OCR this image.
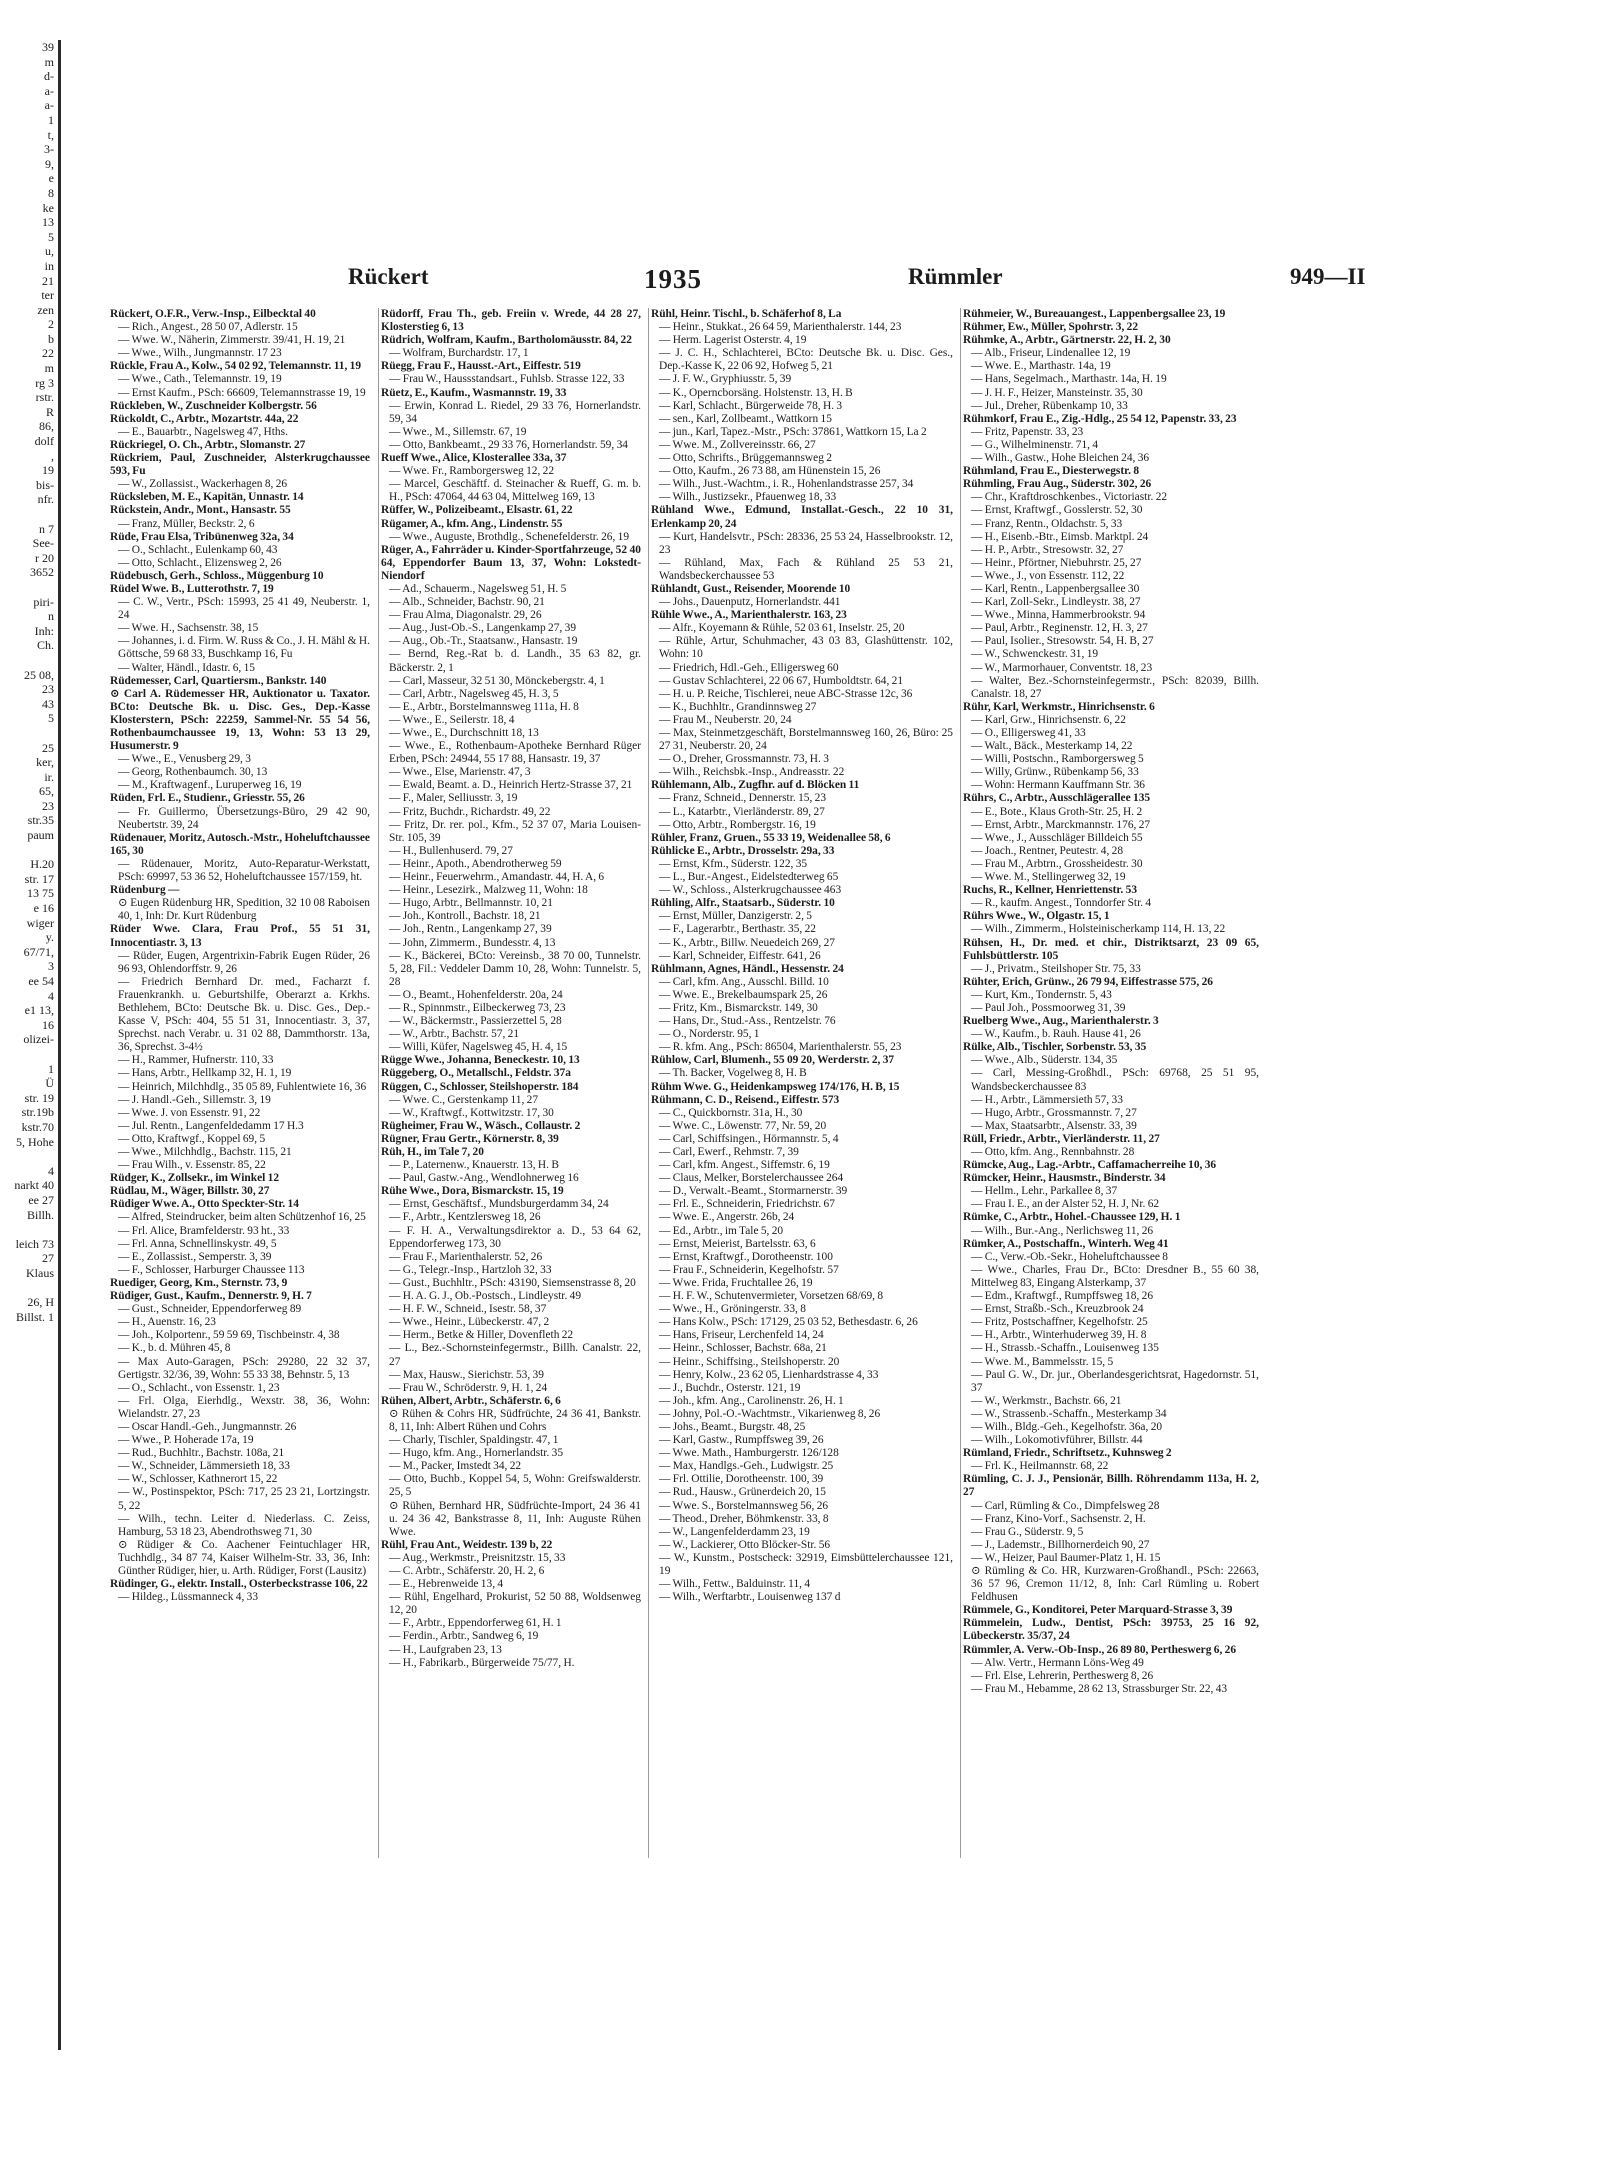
39
m
d-
a-
a-
1
t,
3-
9,
e
8
ke
13
5
u,
in
21
ter
zen
2
b
22
m
rg 3
rstr.
R
86,
dolf
,
19
bis-
nfr.

n 7
See-
r 20
3652

piri-
n
Inh:
Ch.

25 08,
23
43
5

25
ker,
ir.
65,
23
str.35
paum

H.20
str. 17
13 75
e 16
wiger
y.
67/71,
3
ee 54
4
e1 13,
16
olizei-

1
Ü
str. 19
str.19b
kstr.70
5, Hohe

4
narkt 40
ee 27
Billh.

leich 73
27
Klaus

26, H
Billst. 1
Rückert	1935	Rümmler	949—II

Rückert, O.F.R., Verw.-Insp., Eilbecktal 40

— Rich., Angest., 28 50 07, Adlerstr. 15

— Wwe. W., Näherin, Zimmerstr. 39/41, H. 19, 21

— Wwe., Wilh., Jungmannstr. 17 23

Rückle, Frau A., Kolw., 54 02 92, Telemannstr. 11, 19

— Wwe., Cath., Telemannstr. 19, 19

— Ernst Kaufm., PSch: 66609, Telemannstrasse 19, 19

Rückleben, W., Zuschneider Kolbergstr. 56

Rückoldt, C., Arbtr., Mozartstr. 44a, 22

— E., Bauarbtr., Nagelsweg 47, Hths.

Rückriegel, O. Ch., Arbtr., Slomanstr. 27

Rückriem, Paul, Zuschneider, Alsterkrugchaussee 593, Fu

— W., Zollassist., Wackerhagen 8, 26

Rücksleben, M. E., Kapitän, Unnastr. 14

Rückstein, Andr., Mont., Hansastr. 55

— Franz, Müller, Beckstr. 2, 6

Rüde, Frau Elsa, Tribünenweg 32a, 34

— O., Schlacht., Eulenkamp 60, 43

— Otto, Schlacht., Elizensweg 2, 26

Rüdebusch, Gerh., Schloss., Müggenburg 10

Rüdel Wwe. B., Lutterothstr. 7, 19

— C. W., Vertr., PSch: 15993, 25 41 49, Neuberstr. 1, 24

— Wwe. H., Sachsenstr. 38, 15

— Johannes, i. d. Firm. W. Russ & Co., J. H. Mähl & H. Göttsche, 59 68 33, Buschkamp 16, Fu

— Walter, Händl., Idastr. 6, 15

Rüdemesser, Carl, Quartiersm., Bankstr. 140

⊙ Carl A. Rüdemesser HR, Auktionator u. Taxator. BCto: Deutsche Bk. u. Disc. Ges., Dep.-Kasse Klosterstern, PSch: 22259, Sammel-Nr. 55 54 56, Rothenbaumchaussee 19, 13, Wohn: 53 13 29, Husumerstr. 9

— Wwe., E., Venusberg 29, 3

— Georg, Rothenbaumch. 30, 13

— M., Kraftwagenf., Luruperweg 16, 19

Rüden, Frl. E., Studienr., Griesstr. 55, 26

— Fr. Guillermo, Übersetzungs-Büro, 29 42 90, Neubertstr. 39, 24

Rüdenauer, Moritz, Autosch.-Mstr., Hoheluftchaussee 165, 30

— Rüdenauer, Moritz, Auto-Reparatur-Werkstatt, PSch: 69997, 53 36 52, Hoheluftchaussee 157/159, ht.

Rüdenburg —

⊙ Eugen Rüdenburg HR, Spedition, 32 10 08 Raboisen 40, 1, Inh: Dr. Kurt Rüdenburg

Rüder Wwe. Clara, Frau Prof., 55 51 31, Innocentiastr. 3, 13

— Rüder, Eugen, Argentrixin-Fabrik Eugen Rüder, 26 96 93, Ohlendorffstr. 9, 26

— Friedrich Bernhard Dr. med., Facharzt f. Frauenkrankh. u. Geburtshilfe, Oberarzt a. Krkhs. Bethlehem, BCto: Deutsche Bk. u. Disc. Ges., Dep.-Kasse V, PSch: 404, 55 51 31, Innocentiastr. 3, 37, Sprechst. nach Verabr. u. 31 02 88, Dammthorstr. 13a, 36, Sprechst. 3-4½

— H., Rammer, Hufnerstr. 110, 33

— Hans, Arbtr., Hellkamp 32, H. 1, 19

— Heinrich, Milchhdlg., 35 05 89, Fuhlentwiete 16, 36

— J. Handl.-Geh., Sillemstr. 3, 19

— Wwe. J. von Essenstr. 91, 22

— Jul. Rentn., Langenfeldedamm 17 H.3

— Otto, Kraftwgf., Koppel 69, 5

— Wwe., Milchhdlg., Bachstr. 115, 21

— Frau Wilh., v. Essenstr. 85, 22

Rüdger, K., Zollsekr., im Winkel 12

Rüdlau, M., Wäger, Billstr. 30, 27

Rüdiger Wwe. A., Otto Speckter-Str. 14

— Alfred, Steindrucker, beim alten Schützenhof 16, 25

— Frl. Alice, Bramfelderstr. 93 ht., 33

— Frl. Anna, Schnellinskystr. 49, 5

— E., Zollassist., Semperstr. 3, 39

— F., Schlosser, Harburger Chaussee 113

Ruediger, Georg, Km., Sternstr. 73, 9

Rüdiger, Gust., Kaufm., Dennerstr. 9, H. 7

— Gust., Schneider, Eppendorferweg 89

— H., Auenstr. 16, 23

— Joh., Kolportenr., 59 59 69, Tischbeinstr. 4, 38

— K., b. d. Mühren 45, 8

— Max Auto-Garagen, PSch: 29280, 22 32 37, Gertigstr. 32/36, 39, Wohn: 55 33 38, Behnstr. 5, 13

— O., Schlacht., von Essenstr. 1, 23

— Frl. Olga, Eierhdlg., Wexstr. 38, 36, Wohn: Wielandstr. 27, 23

— Oscar Handl.-Geh., Jungmannstr. 26

— Wwe., P. Hoherade 17a, 19

— Rud., Buchhltr., Bachstr. 108a, 21

— W., Schneider, Lämmersieth 18, 33

— W., Schlosser, Kathnerort 15, 22

— W., Postinspektor, PSch: 717, 25 23 21, Lortzingstr. 5, 22

— Wilh., techn. Leiter d. Niederlass. C. Zeiss, Hamburg, 53 18 23, Abendrothsweg 71, 30

⊙ Rüdiger & Co. Aachener Feintuchlager HR, Tuchhdlg., 34 87 74, Kaiser Wilhelm-Str. 33, 36, Inh: Günther Rüdiger, hier, u. Arth. Rüdiger, Forst (Lausitz)

Rüdinger, G., elektr. Install., Osterbeckstrasse 106, 22

— Hildeg., Lüssmanneck 4, 33

Rüdorff, Frau Th., geb. Freiin v. Wrede, 44 28 27, Klosterstieg 6, 13

Rüdrich, Wolfram, Kaufm., Bartholomäusstr. 84, 22

— Wolfram, Burchardstr. 17, 1

Rüegg, Frau F., Hausst.-Art., Eiffestr. 519

— Frau W., Haussstandsart., Fuhlsb. Strasse 122, 33

Rüetz, E., Kaufm., Wasmannstr. 19, 33

— Erwin, Konrad L. Riedel, 29 33 76, Hornerlandstr. 59, 34

— Wwe., M., Sillemstr. 67, 19

— Otto, Bankbeamt., 29 33 76, Hornerlandstr. 59, 34

Rueff Wwe., Alice, Klosterallee 33a, 37

— Wwe. Fr., Ramborgersweg 12, 22

— Marcel, Geschäftf. d. Steinacher & Rueff, G. m. b. H., PSch: 47064, 44 63 04, Mittelweg 169, 13

Rüffer, W., Polizeibeamt., Elsastr. 61, 22

Rügamer, A., kfm. Ang., Lindenstr. 55

— Wwe., Auguste, Brothdlg., Schenefelderstr. 26, 19

Rüger, A., Fahrräder u. Kinder-Sportfahrzeuge, 52 40 64, Eppendorfer Baum 13, 37, Wohn: Lokstedt-Niendorf

— Ad., Schauerm., Nagelsweg 51, H. 5

— Alb., Schneider, Bachstr. 90, 21

— Frau Alma, Diagonalstr. 29, 26

— Aug., Just-Ob.-S., Langenkamp 27, 39

— Aug., Ob.-Tr., Staatsanw., Hansastr. 19

— Bernd, Reg.-Rat b. d. Landh., 35 63 82, gr. Bäckerstr. 2, 1

— Carl, Masseur, 32 51 30, Mönckebergstr. 4, 1

— Carl, Arbtr., Nagelsweg 45, H. 3, 5

— E., Arbtr., Borstelmannsweg 111a, H. 8

— Wwe., E., Seilerstr. 18, 4

— Wwe., E., Durchschnitt 18, 13

— Wwe., E., Rothenbaum-Apotheke Bernhard Rüger Erben, PSch: 24944, 55 17 88, Hansastr. 19, 37

— Wwe., Else, Marienstr. 47, 3

— Ewald, Beamt. a. D., Heinrich Hertz-Strasse 37, 21

— F., Maler, Selliusstr. 3, 19

— Fritz, Buchdr., Richardstr. 49, 22

— Fritz, Dr. rer. pol., Kfm., 52 37 07, Maria Louisen-Str. 105, 39

— H., Bullenhuserd. 79, 27

— Heinr., Apoth., Abendrotherweg 59

— Heinr., Feuerwehrm., Amandastr. 44, H. A, 6

— Heinr., Lesezirk., Malzweg 11, Wohn: 18

— Hugo, Arbtr., Bellmannstr. 10, 21

— Joh., Kontroll., Bachstr. 18, 21

— Joh., Rentn., Langenkamp 27, 39

— John, Zimmerm., Bundesstr. 4, 13

— K., Bäckerei, BCto: Vereinsb., 38 70 00, Tunnelstr. 5, 28, Fil.: Veddeler Damm 10, 28, Wohn: Tunnelstr. 5, 28

— O., Beamt., Hohenfelderstr. 20a, 24

— R., Spinnmstr., Eilbeckerweg 73, 23

— W., Bäckermstr., Passierzettel 5, 28

— W., Arbtr., Bachstr. 57, 21

— Willi, Küfer, Nagelsweg 45, H. 4, 15

Rügge Wwe., Johanna, Beneckestr. 10, 13

Rüggeberg, O., Metallschl., Feldstr. 37a

Rüggen, C., Schlosser, Steilshoperstr. 184

— Wwe. C., Gerstenkamp 11, 27

— W., Kraftwgf., Kottwitzstr. 17, 30

Rügheimer, Frau W., Wäsch., Collaustr. 2

Rügner, Frau Gertr., Körnerstr. 8, 39

Rüh, H., im Tale 7, 20

— P., Laternenw., Knauerstr. 13, H. B

— Paul, Gastw.-Ang., Wendlohnerweg 16

Rühe Wwe., Dora, Bismarckstr. 15, 19

— Ernst, Geschäftsf., Mundsburgerdamm 34, 24

— F., Arbtr., Kentzlersweg 18, 26

— F. H. A., Verwaltungsdirektor a. D., 53 64 62, Eppendorferweg 173, 30

— Frau F., Marienthalerstr. 52, 26

— G., Telegr.-Insp., Hartzloh 32, 33

— Gust., Buchhltr., PSch: 43190, Siemsenstrasse 8, 20

— H. A. G. J., Ob.-Postsch., Lindleystr. 49

— H. F. W., Schneid., Isestr. 58, 37

— Wwe., Heinr., Lübeckerstr. 47, 2

— Herm., Betke & Hiller, Dovenfleth 22

— L., Bez.-Schornsteinfegermstr., Billh. Canalstr. 22, 27

— Max, Hausw., Sierichstr. 53, 39

— Frau W., Schröderstr. 9, H. 1, 24

Rühen, Albert, Arbtr., Schäferstr. 6, 6

⊙ Rühen & Cohrs HR, Südfrüchte, 24 36 41, Bankstr. 8, 11, Inh: Albert Rühen und Cohrs

— Charly, Tischler, Spaldingstr. 47, 1

— Hugo, kfm. Ang., Hornerlandstr. 35

— M., Packer, Imstedt 34, 22

— Otto, Buchb., Koppel 54, 5, Wohn: Greifswalderstr. 25, 5

⊙ Rühen, Bernhard HR, Südfrüchte-Import, 24 36 41 u. 24 36 42, Bankstrasse 8, 11, Inh: Auguste Rühen Wwe.

Rühl, Frau Ant., Weidestr. 139 b, 22

— Aug., Werkmstr., Preisnitzstr. 15, 33

— C. Arbtr., Schäferstr. 20, H. 2, 6

— E., Hebrenweide 13, 4

— Rühl, Engelhard, Prokurist, 52 50 88, Woldsenweg 12, 20

— F., Arbtr., Eppendorferweg 61, H. 1

— Ferdin., Arbtr., Sandweg 6, 19

— H., Laufgraben 23, 13

— H., Fabrikarb., Bürgerweide 75/77, H.

Rühl, Heinr. Tischl., b. Schäferhof 8, La

— Heinr., Stukkat., 26 64 59, Marienthalerstr. 144, 23

— Herm. Lagerist Osterstr. 4, 19

— J. C. H., Schlachterei, BCto: Deutsche Bk. u. Disc. Ges., Dep.-Kasse K, 22 06 92, Hofweg 5, 21

— J. F. W., Gryphiusstr. 5, 39

— K., Operncborsäng. Holstenstr. 13, H. B

— Karl, Schlacht., Bürgerweide 78, H. 3

— sen., Karl, Zollbeamt., Wattkorn 15

— jun., Karl, Tapez.-Mstr., PSch: 37861, Wattkorn 15, La 2

— Wwe. M., Zollvereinsstr. 66, 27

— Otto, Schrifts., Brüggemannsweg 2

— Otto, Kaufm., 26 73 88, am Hünenstein 15, 26

— Wilh., Just.-Wachtm., i. R., Hohenlandstrasse 257, 34

— Wilh., Justizsekr., Pfauenweg 18, 33

Rühland Wwe., Edmund, Installat.-Gesch., 22 10 31, Erlenkamp 20, 24

— Kurt, Handelsvtr., PSch: 28336, 25 53 24, Hasselbrookstr. 12, 23

— Rühland, Max, Fach & Rühland 25 53 21, Wandsbeckerchaussee 53

Rühlandt, Gust., Reisender, Moorende 10

— Johs., Dauenputz, Hornerlandstr. 441

Rühle Wwe., A., Marienthalerstr. 163, 23

— Alfr., Koyemann & Rühle, 52 03 61, Inselstr. 25, 20

— Rühle, Artur, Schuhmacher, 43 03 83, Glashüttenstr. 102, Wohn: 10

— Friedrich, Hdl.-Geh., Elligersweg 60

— Gustav Schlachterei, 22 06 67, Humboldtstr. 64, 21

— H. u. P. Reiche, Tischlerei, neue ABC-Strasse 12c, 36

— K., Buchhltr., Grandinnsweg 27

— Frau M., Neuberstr. 20, 24

— Max, Steinmetzgeschäft, Borstelmannsweg 160, 26, Büro: 25 27 31, Neuberstr. 20, 24

— O., Dreher, Grossmannstr. 73, H. 3

— Wilh., Reichsbk.-Insp., Andreasstr. 22

Rühlemann, Alb., Zugfhr. auf d. Blöcken 11

— Franz, Schneid., Dennerstr. 15, 23

— L., Katarbtr., Vierländerstr. 89, 27

— Otto, Arbtr., Rombergstr. 16, 19

Rühler, Franz, Gruen., 55 33 19, Weidenallee 58, 6

Rühlicke E., Arbtr., Drosselstr. 29a, 33

— Ernst, Kfm., Süderstr. 122, 35

— L., Bur.-Angest., Eidelstedterweg 65

— W., Schloss., Alsterkrugchaussee 463

Rühling, Alfr., Staatsarb., Süderstr. 10

— Ernst, Müller, Danzigerstr. 2, 5

— F., Lagerarbtr., Berthastr. 35, 22

— K., Arbtr., Billw. Neuedeich 269, 27

— Karl, Schneider, Eiffestr. 641, 26

Rühlmann, Agnes, Händl., Hessenstr. 24

— Carl, kfm. Ang., Ausschl. Billd. 10

— Wwe. E., Brekelbaumspark 25, 26

— Fritz, Km., Bismarckstr. 149, 30

— Hans, Dr., Stud.-Ass., Rentzelstr. 76

— O., Norderstr. 95, 1

— R. kfm. Ang., PSch: 86504, Marienthalerstr. 55, 23

Rühlow, Carl, Blumenh., 55 09 20, Werderstr. 2, 37

— Th. Backer, Vogelweg 8, H. B

Rühm Wwe. G., Heidenkampsweg 174/176, H. B, 15

Rühmann, C. D., Reisend., Eiffestr. 573

— C., Quickbornstr. 31a, H., 30

— Wwe. C., Löwenstr. 77, Nr. 59, 20

— Carl, Schiffsingen., Hörmannstr. 5, 4

— Carl, Ewerf., Rehmstr. 7, 39

— Carl, kfm. Angest., Siffemstr. 6, 19

— Claus, Melker, Borstelerchaussee 264

— D., Verwalt.-Beamt., Stormarnerstr. 39

— Frl. E., Schneiderin, Friedrichstr. 67

— Wwe. E., Angerstr. 26b, 24

— Ed., Arbtr., im Tale 5, 20

— Ernst, Meierist, Bartelsstr. 63, 6

— Ernst, Kraftwgf., Dorotheenstr. 100

— Frau F., Schneiderin, Kegelhofstr. 57

— Wwe. Frida, Fruchtallee 26, 19

— H. F. W., Schutenvermieter, Vorsetzen 68/69, 8

— Wwe., H., Gröningerstr. 33, 8

— Hans Kolw., PSch: 17129, 25 03 52, Bethesdastr. 6, 26

— Hans, Friseur, Lerchenfeld 14, 24

— Heinr., Schlosser, Bachstr. 68a, 21

— Heinr., Schiffsing., Steilshoperstr. 20

— Henry, Kolw., 23 62 05, Lienhardstrasse 4, 33

— J., Buchdr., Osterstr. 121, 19

— Joh., kfm. Ang., Carolinenstr. 26, H. 1

— Johny, Pol.-O.-Wachtmstr., Vikarienweg 8, 26

— Johs., Beamt., Burgstr. 48, 25

— Karl, Gastw., Rumpffsweg 39, 26

— Wwe. Math., Hamburgerstr. 126/128

— Max, Handlgs.-Geh., Ludwigstr. 25

— Frl. Ottilie, Dorotheenstr. 100, 39

— Rud., Hausw., Grünerdeich 20, 15

— Wwe. S., Borstelmannsweg 56, 26

— Theod., Dreher, Böhmkenstr. 33, 8

— W., Langenfelderdamm 23, 19

— W., Lackierer, Otto Blöcker-Str. 56

— W., Kunstm., Postscheck: 32919, Eimsbüttelerchaussee 121, 19

— Wilh., Fettw., Balduinstr. 11, 4

— Wilh., Werftarbtr., Louisenweg 137 d

Rühmeier, W., Bureauangest., Lappenbergsallee 23, 19

Rühmer, Ew., Müller, Spohrstr. 3, 22

Rühmke, A., Arbtr., Gärtnerstr. 22, H. 2, 30

— Alb., Friseur, Lindenallee 12, 19

— Wwe. E., Marthastr. 14a, 19

— Hans, Segelmach., Marthastr. 14a, H. 19

— J. H. F., Heizer, Mansteinstr. 35, 30

— Jul., Dreher, Rübenkamp 10, 33

Rühmkorf, Frau E., Zig.-Hdlg., 25 54 12, Papenstr. 33, 23

— Fritz, Papenstr. 33, 23

— G., Wilhelminenstr. 71, 4

— Wilh., Gastw., Hohe Bleichen 24, 36

Rühmland, Frau E., Diesterwegstr. 8

Rühmling, Frau Aug., Süderstr. 302, 26

— Chr., Kraftdroschkenbes., Victoriastr. 22

— Ernst, Kraftwgf., Gosslerstr. 52, 30

— Franz, Rentn., Oldachstr. 5, 33

— H., Eisenb.-Btr., Eimsb. Marktpl. 24

— H. P., Arbtr., Stresowstr. 32, 27

— Heinr., Pförtner, Niebuhrstr. 25, 27

— Wwe., J., von Essenstr. 112, 22

— Karl, Rentn., Lappenbergsallee 30

— Karl, Zoll-Sekr., Lindleystr. 38, 27

— Wwe., Minna, Hammerbrookstr. 94

— Paul, Arbtr., Reginenstr. 12, H. 3, 27

— Paul, Isolier., Stresowstr. 54, H. B, 27

— W., Schwenckestr. 31, 19

— W., Marmorhauer, Conventstr. 18, 23

— Walter, Bez.-Schornsteinfegermstr., PSch: 82039, Billh. Canalstr. 18, 27

Rühr, Karl, Werkmstr., Hinrichsenstr. 6

— Karl, Grw., Hinrichsenstr. 6, 22

— O., Elligersweg 41, 33

— Walt., Bäck., Mesterkamp 14, 22

— Willi, Postschn., Ramborgersweg 5

— Willy, Grünw., Rübenkamp 56, 33

— Wohn: Hermann Kauffmann Str. 36

Rührs, C., Arbtr., Ausschlägerallee 135

— E., Bote., Klaus Groth-Str. 25, H. 2

— Ernst, Arbtr., Marckmannstr. 176, 27

— Wwe., J., Ausschläger Billdeich 55

— Joach., Rentner, Peutestr. 4, 28

— Frau M., Arbtrn., Grossheidestr. 30

— Wwe. M., Stellingerweg 32, 19

Ruchs, R., Kellner, Henriettenstr. 53

— R., kaufm. Angest., Tonndorfer Str. 4

Rührs Wwe., W., Olgastr. 15, 1

— Wilh., Zimmerm., Holsteinischerkamp 114, H. 13, 22

Rühsen, H., Dr. med. et chir., Distriktsarzt, 23 09 65, Fuhlsbüttlerstr. 105

— J., Privatm., Steilshoper Str. 75, 33

Rühter, Erich, Grünw., 26 79 94, Eiffestrasse 575, 26

— Kurt, Km., Tondernstr. 5, 43

— Paul Joh., Possmoorweg 31, 39

Ruelberg Wwe., Aug., Marienthalerstr. 3

— W., Kaufm., b. Rauh. Hause 41, 26

Rülke, Alb., Tischler, Sorbenstr. 53, 35

— Wwe., Alb., Süderstr. 134, 35

— Carl, Messing-Großhdl., PSch: 69768, 25 51 95, Wandsbeckerchaussee 83

— H., Arbtr., Lämmersieth 57, 33

— Hugo, Arbtr., Grossmannstr. 7, 27

— Max, Staatsarbtr., Alsenstr. 33, 39

Rüll, Friedr., Arbtr., Vierländerstr. 11, 27

— Otto, kfm. Ang., Rennbahnstr. 28

Rümcke, Aug., Lag.-Arbtr., Caffamacherreihe 10, 36

Rümcker, Heinr., Hausmstr., Binderstr. 34

— Hellm., Lehr., Parkallee 8, 37

— Frau I. E., an der Alster 52, H. J, Nr. 62

Rümke, C., Arbtr., Hohel.-Chaussee 129, H. 1

— Wilh., Bur.-Ang., Nerlichsweg 11, 26

Rümker, A., Postschaffn., Winterh. Weg 41

— C., Verw.-Ob.-Sekr., Hoheluftchaussee 8

— Wwe., Charles, Frau Dr., BCto: Dresdner B., 55 60 38, Mittelweg 83, Eingang Alsterkamp, 37

— Edm., Kraftwgf., Rumpffsweg 18, 26

— Ernst, Straßb.-Sch., Kreuzbrook 24

— Fritz, Postschaffner, Kegelhofstr. 25

— H., Arbtr., Winterhuderweg 39, H. 8

— H., Strassb.-Schaffn., Louisenweg 135

— Wwe. M., Bammelsstr. 15, 5

— Paul G. W., Dr. jur., Oberlandesgerichtsrat, Hagedornstr. 51, 37

— W., Werkmstr., Bachstr. 66, 21

— W., Strassenb.-Schaffn., Mesterkamp 34

— Wilh., Bldg.-Geh., Kegelhofstr. 36a, 20

— Wilh., Lokomotivführer, Billstr. 44

Rümland, Friedr., Schriftsetz., Kuhnsweg 2

— Frl. K., Heilmannstr. 68, 22

Rümling, C. J. J., Pensionär, Billh. Röhrendamm 113a, H. 2, 27

— Carl, Rümling & Co., Dimpfelsweg 28

— Franz, Kino-Vorf., Sachsenstr. 2, H.

— Frau G., Süderstr. 9, 5

— J., Lademstr., Billhornerdeich 90, 27

— W., Heizer, Paul Baumer-Platz 1, H. 15

⊙ Rümling & Co. HR, Kurzwaren-Großhandl., PSch: 22663, 36 57 96, Cremon 11/12, 8, Inh: Carl Rümling u. Robert Feldhusen

Rümmele, G., Konditorei, Peter Marquard-Strasse 3, 39

Rümmelein, Ludw., Dentist, PSch: 39753, 25 16 92, Lübeckerstr. 35/37, 24

Rümmler, A. Verw.-Ob-Insp., 26 89 80, Pertheswerg 6, 26

— Alw. Vertr., Hermann Löns-Weg 49

— Frl. Else, Lehrerin, Pertheswerg 8, 26

— Frau M., Hebamme, 28 62 13, Strassburger Str. 22, 43
